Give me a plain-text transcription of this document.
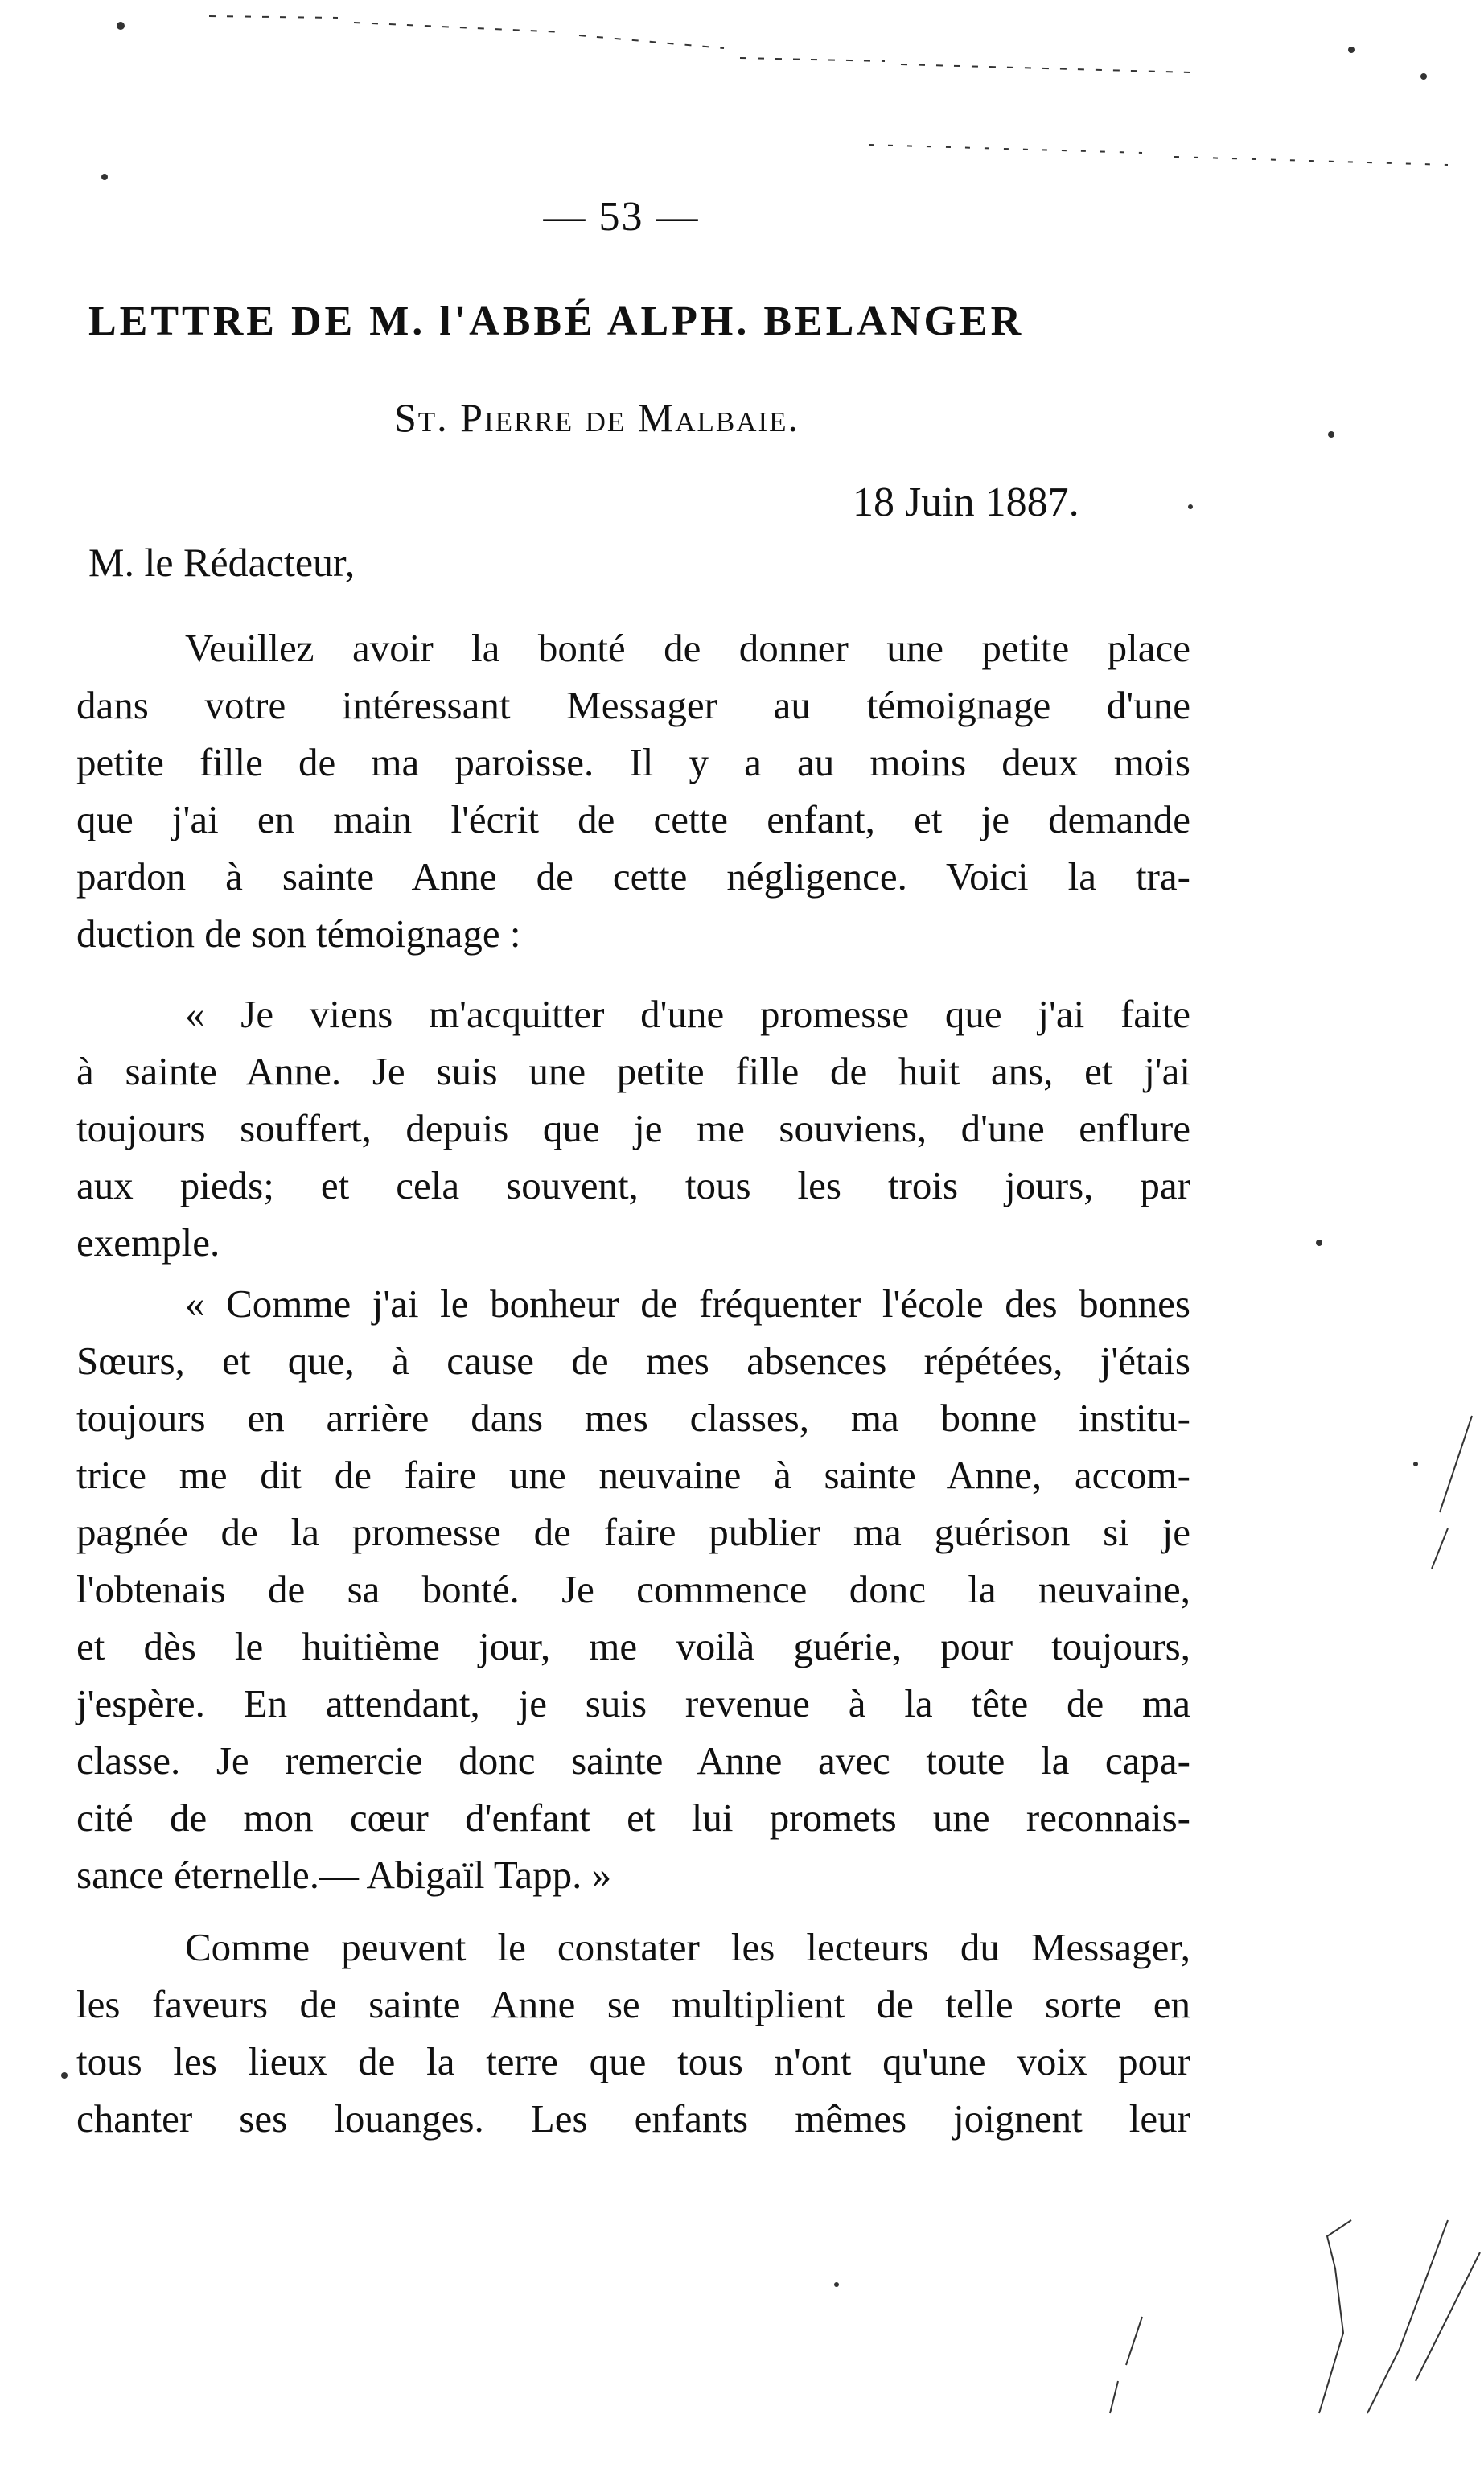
— 53 —
LETTRE DE M. l'ABBÉ ALPH. BELANGER
St. Pierre de Malbaie.
18 Juin 1887.
M. le Rédacteur,
Veuillez avoir la bonté de donner une petite place
dans votre intéressant Messager au témoignage d'une
petite fille de ma paroisse. Il y a au moins deux mois
que j'ai en main l'écrit de cette enfant, et je demande
pardon à sainte Anne de cette négligence. Voici la tra-
duction de son témoignage :
« Je viens m'acquitter d'une promesse que j'ai faite
à sainte Anne. Je suis une petite fille de huit ans, et j'ai
toujours souffert, depuis que je me souviens, d'une enflure
aux pieds; et cela souvent, tous les trois jours, par
exemple.
« Comme j'ai le bonheur de fréquenter l'école des bonnes
Sœurs, et que, à cause de mes absences répétées, j'étais
toujours en arrière dans mes classes, ma bonne institu-
trice me dit de faire une neuvaine à sainte Anne, accom-
pagnée de la promesse de faire publier ma guérison si je
l'obtenais de sa bonté. Je commence donc la neuvaine,
et dès le huitième jour, me voilà guérie, pour toujours,
j'espère. En attendant, je suis revenue à la tête de ma
classe. Je remercie donc sainte Anne avec toute la capa-
cité de mon cœur d'enfant et lui promets une reconnais-
sance éternelle.— Abigaïl Tapp. »
Comme peuvent le constater les lecteurs du Messager,
les faveurs de sainte Anne se multiplient de telle sorte en
tous les lieux de la terre que tous n'ont qu'une voix pour
chanter ses louanges. Les enfants mêmes joignent leur
